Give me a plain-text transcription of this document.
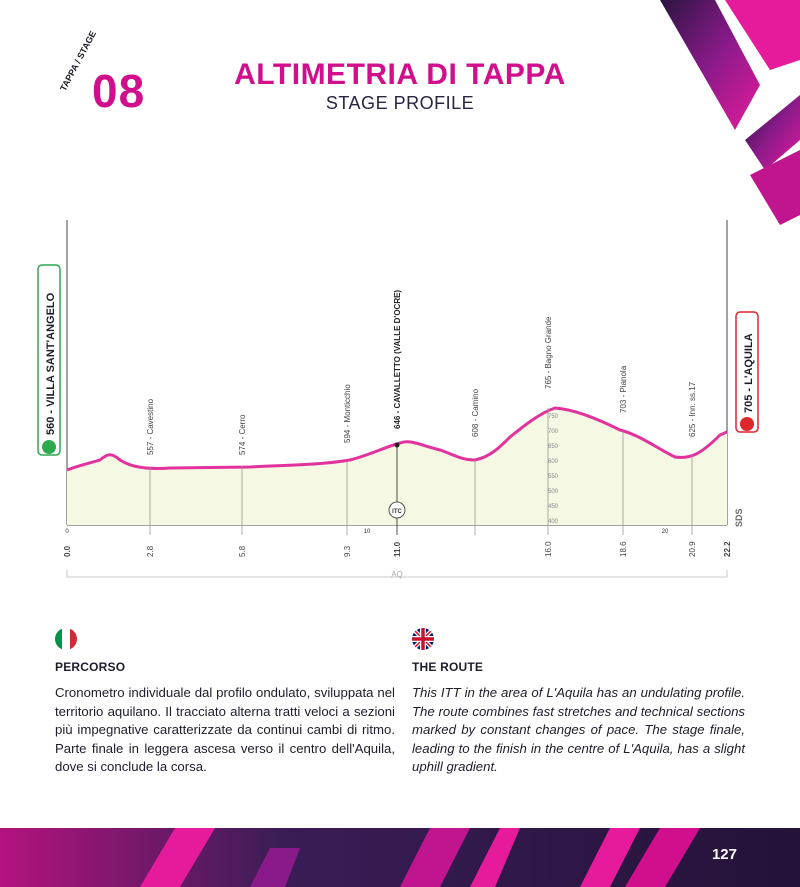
TAPPA / STAGE
08	ALTIMETRIA DI TAPPA
STAGE PROFILE
750
700
650
600
550
500
450
400
557 - Cavestino	574 - Cerro	594 - Monticchio	646 - CAVALLETTO (VALLE D'OCRE)	608 - Camino
765 - Bagno Grande
703 - Pianola	625 - Inn. ss.17
ITC
0	10	20
0.0	2.8	5.8	9.3	11.0	16.0	18.6	20.9	22.2
AQ
560 - VILLA SANT'ANGELO	705 - L'AQUILA
SDS
PERCORSO

Cronometro individuale dal profilo ondulato, sviluppata nel territorio aquilano. Il tracciato alterna tratti veloci a sezioni più impegnative caratterizzate da continui cambi di ritmo. Parte finale in leggera ascesa verso il centro dell'Aquila, dove si conclude la corsa.

THE ROUTE

This ITT in the area of L'Aquila has an undulating profile. The route combines fast stretches and technical sections marked by constant changes of pace. The stage finale, leading to the finish in the centre of L'Aquila, has a slight uphill gradient.

127
